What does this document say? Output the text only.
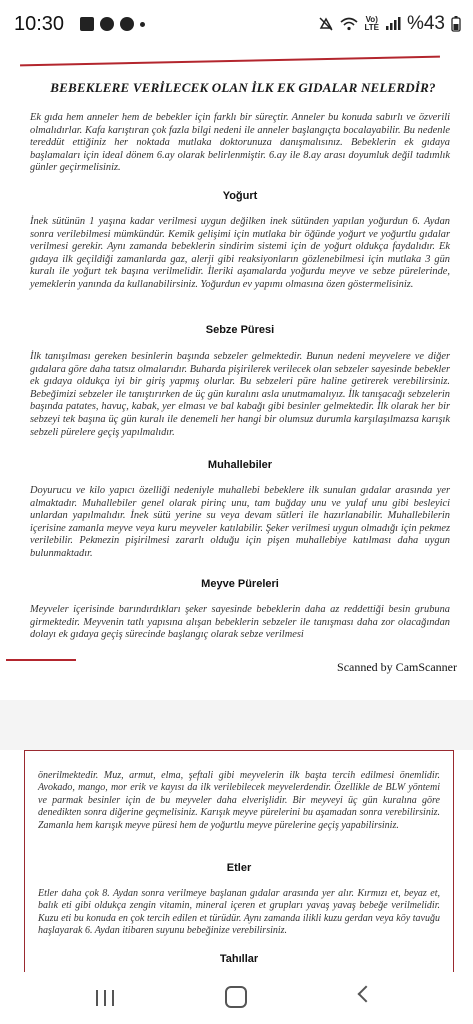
10:30	Vo)
LTE %43
BEBEKLERE VERİLECEK OLAN İLK EK GIDALAR NELERDİR?
Ek gıda hem anneler hem de bebekler için farklı bir süreçtir. Anneler bu konuda sabırlı ve özverili olmalıdırlar. Kafa karıştıran çok fazla bilgi nedeni ile anneler başlangıçta bocalayabilir. Bu nedenle tereddüt ettiğiniz her noktada mutlaka doktorunuza danışmalısınız. Bebeklerin ek gıdaya başlamaları için ideal dönem 6.ay olarak belirlenmiştir. 6.ay ile 8.ay arası doyumluk değil tadımlık günler geçirmelisiniz.
Yoğurt
İnek sütünün 1 yaşına kadar verilmesi uygun değilken inek sütünden yapılan yoğurdun 6. Aydan sonra verilebilmesi mümkündür. Kemik gelişimi için mutlaka bir öğünde yoğurt ve yoğurtlu gıdalar verilmesi gerekir. Aynı zamanda bebeklerin sindirim sistemi için de yoğurt oldukça faydalıdır. Ek gıdaya ilk geçildiği zamanlarda gaz, alerji gibi reaksiyonların gözlenebilmesi için mutlaka 3 gün kuralı ile yoğurt tek başına verilmelidir. İleriki aşamalarda yoğurdu meyve ve sebze pürelerinde, yemeklerin yanında da kullanabilirsiniz. Yoğurdun ev yapımı olmasına özen göstermelisiniz.
Sebze Püresi
İlk tanışılması gereken besinlerin başında sebzeler gelmektedir. Bunun nedeni meyvelere ve diğer gıdalara göre daha tatsız olmalarıdır. Buharda pişirilerek verilecek olan sebzeler sayesinde bebekler ek gıdaya oldukça iyi bir giriş yapmış olurlar. Bu sebzeleri püre haline getirerek verebilirsiniz. Bebeğimizi sebzeler ile tanıştırırken de üç gün kuralını asla unutmamalıyız. İlk tanışacağı sebzelerin başında patates, havuç, kabak, yer elması ve bal kabağı gibi besinler gelmektedir. İlk olarak her bir sebzeyi tek başına üç gün kuralı ile denemeli her hangi bir olumsuz durumla karşılaşılmazsa karışık sebzeli pürelere geçiş yapılmalıdır.
Muhallebiler
Doyurucu ve kilo yapıcı özelliği nedeniyle muhallebi bebeklere ilk sunulan gıdalar arasında yer almaktadır. Muhallebiler genel olarak pirinç unu, tam buğday unu ve yulaf unu gibi besleyici unlardan yapılmalıdır. İnek sütü yerine su veya devam sütleri ile hazırlanabilir. Muhallebilerin içerisine zamanla meyve veya kuru meyveler katılabilir. Şeker verilmesi uygun olmadığı için pekmez verilebilir. Pekmezin pişirilmesi zararlı olduğu için pişen muhallebiye katılması daha uygun bulunmaktadır.
Meyve Püreleri
Meyveler içerisinde barındırdıkları şeker sayesinde bebeklerin daha az reddettiği besin grubuna girmektedir. Meyvenin tatlı yapısına alışan bebeklerin sebzeler ile tanışması daha zor olacağından dolayı ek gıdaya geçiş sürecinde başlangıç olarak sebze verilmesi
Scanned by CamScanner
önerilmektedir. Muz, armut, elma, şeftali gibi meyvelerin ilk başta tercih edilmesi önemlidir. Avokado, mango, mor erik ve kayısı da ilk verilebilecek meyvelerdendir. Özellikle de BLW yöntemi ve parmak besinler için de bu meyveler daha elverişlidir. Bir meyveyi üç gün kuralına göre denedikten sonra diğerine geçmelisiniz. Karışık meyve pürelerini bu aşamadan sonra verebilirsiniz. Zamanla hem karışık meyve püresi hem de yoğurtlu meyve pürelerine geçiş yapabilirsiniz.
Etler
Etler daha çok 8. Aydan sonra verilmeye başlanan gıdalar arasında yer alır. Kırmızı et, beyaz et, balık eti gibi oldukça zengin vitamin, mineral içeren et grupları yavaş yavaş bebeğe verilmelidir. Kuzu eti bu konuda en çok tercih edilen et türüdür. Aynı zamanda ilikli kuzu gerdan veya köy tavuğu haşlayarak 6. Aydan itibaren suyunu bebeğinize verebilirsiniz.
Tahıllar
